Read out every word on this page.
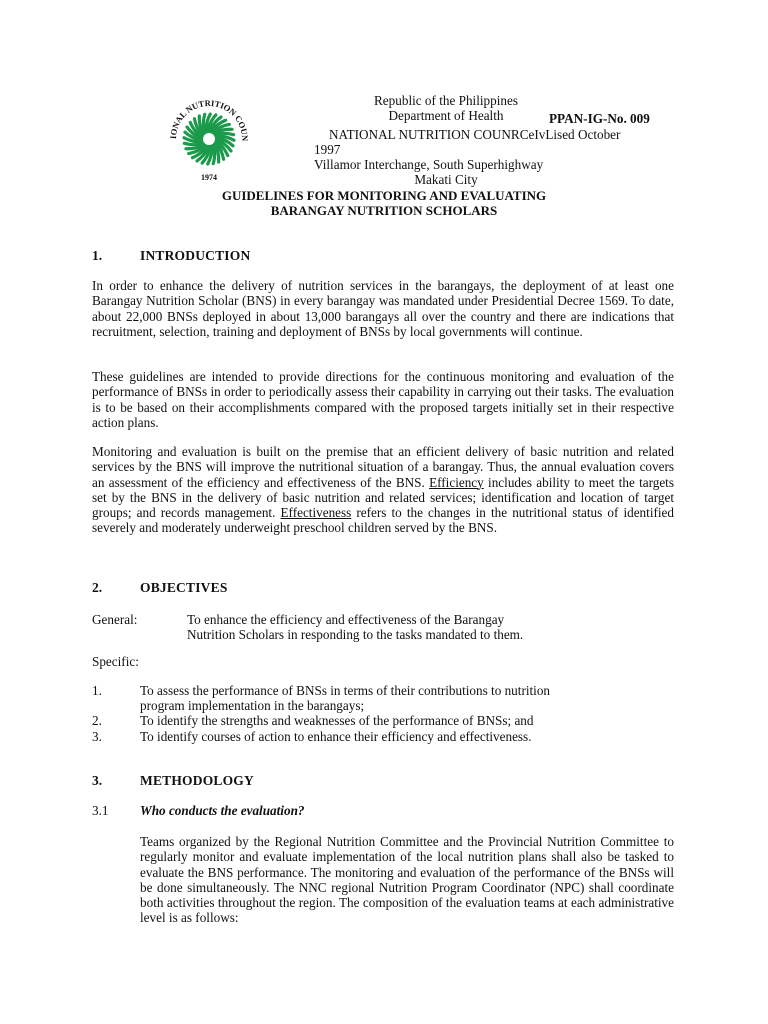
IONAL NUTRITION COUN
1974
Republic of the Philippines
Department of Health	PPAN-IG-No. 009
NATIONAL NUTRITION COUNRCeIvLised October
1997
Villamor Interchange, South Superhighway
Makati City
GUIDELINES FOR MONITORING AND EVALUATING
BARANGAY NUTRITION SCHOLARS
1.	INTRODUCTION
In order to enhance the delivery of nutrition services in the barangays, the deployment of at least one Barangay Nutrition Scholar (BNS) in every barangay was mandated under Presidential Decree 1569. To date, about 22,000 BNSs deployed in about 13,000 barangays all over the country and there are indications that recruitment, selection, training and deployment of BNSs by local governments will continue.
These guidelines are intended to provide directions for the continuous monitoring and evaluation of the performance of BNSs in order to periodically assess their capability in carrying out their tasks. The evaluation is to be based on their accomplishments compared with the proposed targets initially set in their respective action plans.
Monitoring and evaluation is built on the premise that an efficient delivery of basic nutrition and related services by the BNS will improve the nutritional situation of a barangay. Thus, the annual evaluation covers an assessment of the efficiency and effectiveness of the BNS. Efficiency includes ability to meet the targets set by the BNS in the delivery of basic nutrition and related services; identification and location of target groups; and records management. Effectiveness refers to the changes in the nutritional status of identified severely and moderately underweight preschool children served by the BNS.
2.	OBJECTIVES
General:	To enhance the efficiency and effectiveness of the Barangay
Nutrition Scholars in responding to the tasks mandated to them.
Specific:
1.	To assess the performance of BNSs in terms of their contributions to nutrition
program implementation in the barangays;
2.	To identify the strengths and weaknesses of the performance of BNSs; and
3.	To identify courses of action to enhance their efficiency and effectiveness.
3.	METHODOLOGY
3.1 Who conducts the evaluation?
Teams organized by the Regional Nutrition Committee and the Provincial Nutrition Committee to regularly monitor and evaluate implementation of the local nutrition plans shall also be tasked to evaluate the BNS performance. The monitoring and evaluation of the performance of the BNSs will be done simultaneously. The NNC regional Nutrition Program Coordinator (NPC) shall coordinate both activities throughout the region. The composition of the evaluation teams at each administrative level is as follows:
